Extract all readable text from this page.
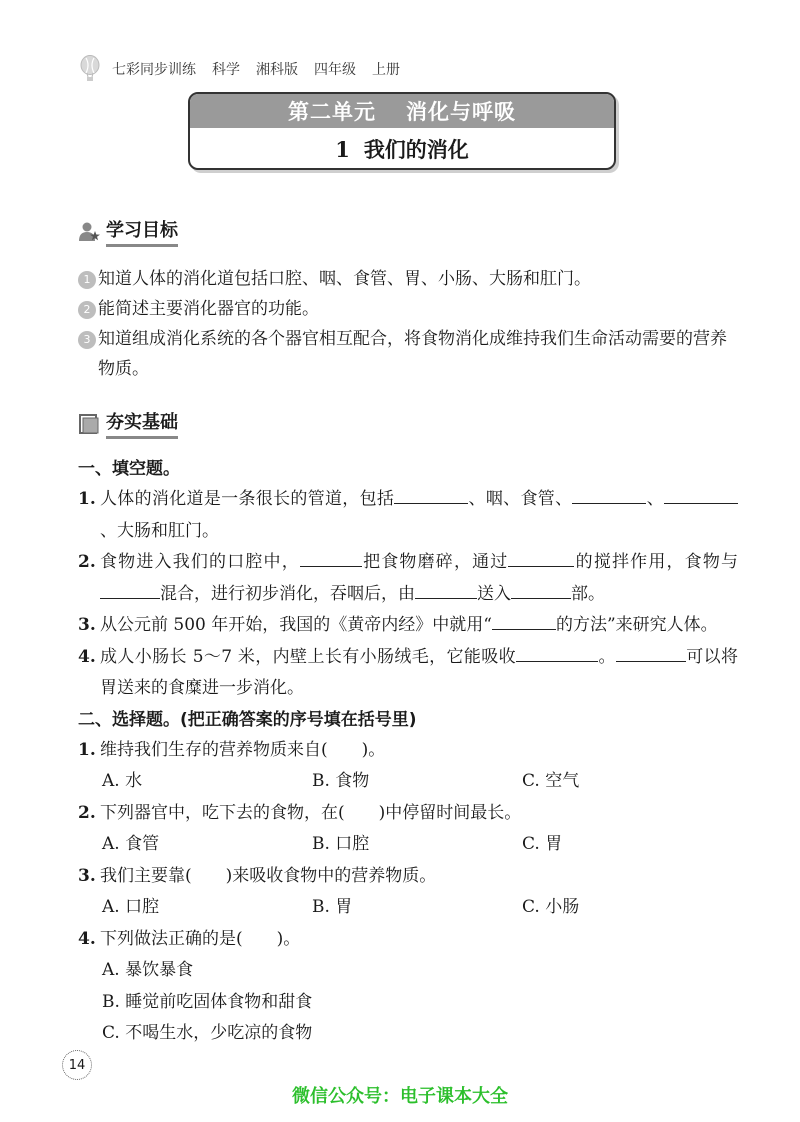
七彩同步训练 科学 湘科版 四年级 上册
第二单元 消化与呼吸
1 我们的消化
学习目标
1 知道人体的消化道包括口腔、咽、食管、胃、小肠、大肠和肛门。
2 能简述主要消化器官的功能。
3 知道组成消化系统的各个器官相互配合，将食物消化成维持我们生命活动需要的营养物质。
夯实基础
一、填空题。
1. 人体的消化道是一条很长的管道，包括	、咽、食管、	、、大肠和肛门。
2. 食物进入我们的口腔中，	把食物磨碎，通过	的搅拌作用，食物与混合，进行初步消化，吞咽后，由	送入	部。
3. 从公元前 500 年开始，我国的《黄帝内经》中就用“	的方法”来研究人体。
4. 成人小肠长 5～7 米，内壁上长有小肠绒毛，它能吸收	。	可以将胃送来的食糜进一步消化。
二、选择题。(把正确答案的序号填在括号里)
1. 维持我们生存的营养物质来自(　　)。
A. 水	B. 食物	C. 空气
2. 下列器官中，吃下去的食物，在(　　)中停留时间最长。
A. 食管	B. 口腔	C. 胃
3. 我们主要靠(　　)来吸收食物中的营养物质。
A. 口腔	B. 胃	C. 小肠
4. 下列做法正确的是(　　)。
A. 暴饮暴食
B. 睡觉前吃固体食物和甜食
C. 不喝生水，少吃凉的食物
14
微信公众号：电子课本大全
